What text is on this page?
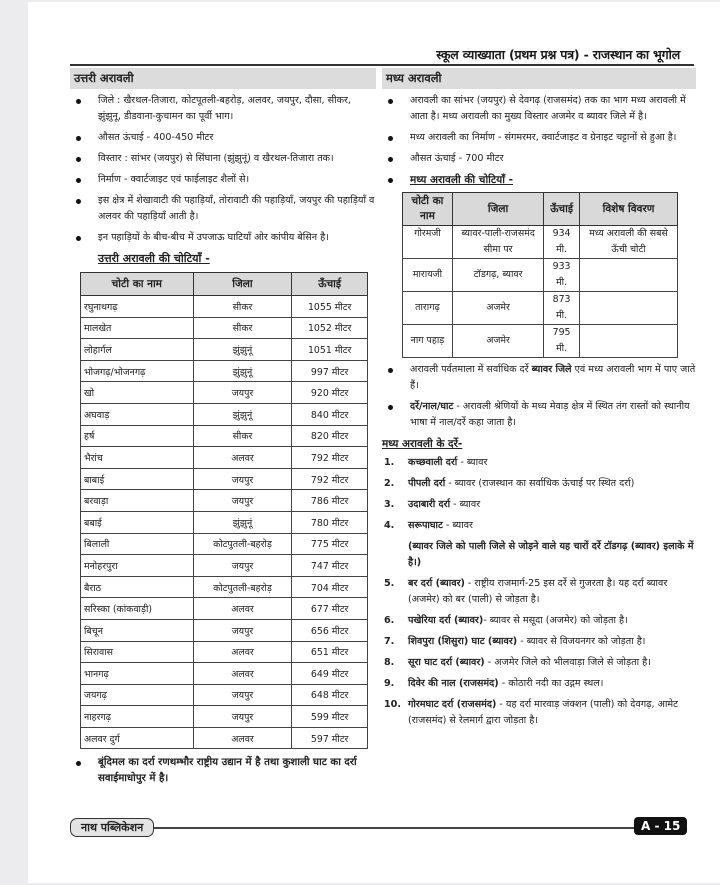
स्कूल व्याख्याता (प्रथम प्रश्न पत्र) - राजस्थान का भूगोल
उत्तरी अरावली
जिले : खैरथल-तिजारा, कोटपूतली-बहरोड़, अलवर, जयपुर, दौसा, सीकर, झुंझुनू, डीडवाना-कुचामन का पूर्वी भाग।
औसत ऊंचाई - 400-450 मीटर
विस्तार : सांभर (जयपुर) से सिंघाना (झुंझुनूं) व खैरथल-तिजारा तक।
निर्माण - क्वार्टजाइट एवं फाईलाइट शैलों से।
इस क्षेत्र में शेखावाटी की पहाड़ियाँ, तोरावाटी की पहाड़ियाँ, जयपुर की पहाड़ियाँ व अलवर की पहाड़ियाँ आती है।
इन पहाड़ियों के बीच-बीच में उपजाऊ घाटियाँ ओर कांपीय बेसिन है।
उत्तरी अरावली की चोटियाँ -
चोटी का नाम	जिला	ऊँचाई
रघुनाथगढ़	सीकर	1055 मीटर
मालखेत	सीकर	1052 मीटर
लोहार्गल	झुंझुनूं	1051 मीटर
भोजगढ़/भोजनगढ़	झुंझुनूं	997 मीटर
खो	जयपुर	920 मीटर
अघवाड़	झुंझुनूं	840 मीटर
हर्ष	सीकर	820 मीटर
भैरांच	अलवर	792 मीटर
बाबाई	जयपुर	792 मीटर
बरवाड़ा	जयपुर	786 मीटर
बबाई	झुंझुनूं	780 मीटर
बिलाली	कोटपुतली-बहरोड़	775 मीटर
मनोहरपुरा	जयपुर	747 मीटर
बैराठ	कोटपुतली-बहरोड़	704 मीटर
सरिस्का (कांकवाड़ी)	अलवर	677 मीटर
बिचून	जयपुर	656 मीटर
सिरावास	अलवर	651 मीटर
भानगढ़	अलवर	649 मीटर
जयगढ़	जयपुर	648 मीटर
नाहरगढ़	जयपुर	599 मीटर
अलवर दुर्ग	अलवर	597 मीटर
बूंदिमल का दर्रा रणथम्भौर राष्ट्रीय उद्यान में है तथा कुशाली घाट का दर्रा सवाईमाधोपुर में है।
मध्य अरावली
अरावली का सांभर (जयपुर) से देवगढ़ (राजसमंद) तक का भाग मध्य अरावली में आता है। मध्य अरावली का मुख्य विस्तार अजमेर व ब्यावर जिले में है।
मध्य अरावली का निर्माण - संगमरमर, क्वार्टजाइट व ग्रेनाइट चट्टानों से हुआ है।
औसत ऊंचाई - 700 मीटर
मध्य अरावली की चोटियाँ -
चोटी का नाम	जिला	ऊँचाई	विशेष विवरण
गोरमजी	ब्यावर-पाली-राजसमंद सीमा पर	934 मी.	मध्य अरावली की सबसे ऊँची चोटी
मारायजी	टॉडगढ़, ब्यावर	933 मी.	
तारागढ़	अजमेर	873 मी.	
नाग पहाड़	अजमेर	795 मी.	
अरावली पर्वतमाला में सर्वाधिक दर्रे ब्यावर जिले एवं मध्य अरावली भाग में पाए जाते हैं।
दर्रे/नाल/घाट - अरावली श्रेणियों के मध्य मेवाड़ क्षेत्र में स्थित तंग रास्तों को स्थानीय भाषा में नाल/दर्रे कहा जाता है।
मध्य अरावली के दर्रे-
1. कच्छवाली दर्रा - ब्यावर
2. पीपली दर्रा - ब्यावर (राजस्थान का सर्वाधिक ऊंचाई पर स्थित दर्रा)
3. उदाबारी दर्रा - ब्यावर
4. सरूपाघाट - ब्यावर
(ब्यावर जिले को पाली जिले से जोड़ने वाले यह चारों दर्रे टॉडगढ़ (ब्यावर) इलाके में है।)
5. बर दर्रा (ब्यावर) - राष्ट्रीय राजमार्ग-25 इस दर्रे से गुजरता है। यह दर्रा ब्यावर (अजमेर) को बर (पाली) से जोड़ता है।
6. पखेरिया दर्रा (ब्यावर)- ब्यावर से मसूदा (अजमेर) को जोड़ता है।
7. शिवपुरा (शिसुरा) घाट (ब्यावर) - ब्यावर से विजयनगर को जोड़ता है।
8. सूरा घाट दर्रा (ब्यावर) - अजमेर जिले को भीलवाड़ा जिले से जोड़ता है।
9. दिवेर की नाल (राजसमंद) - कोठारी नदी का उद्गम स्थल।
10. गोरमघाट दर्रा (राजसमंद) - यह दर्रा मारवाड़ जंक्शन (पाली) को देवगढ़, आमेट (राजसमंद) से रेलमार्ग द्वारा जोड़ता है।
नाथ पब्लिकेशन	A - 15
